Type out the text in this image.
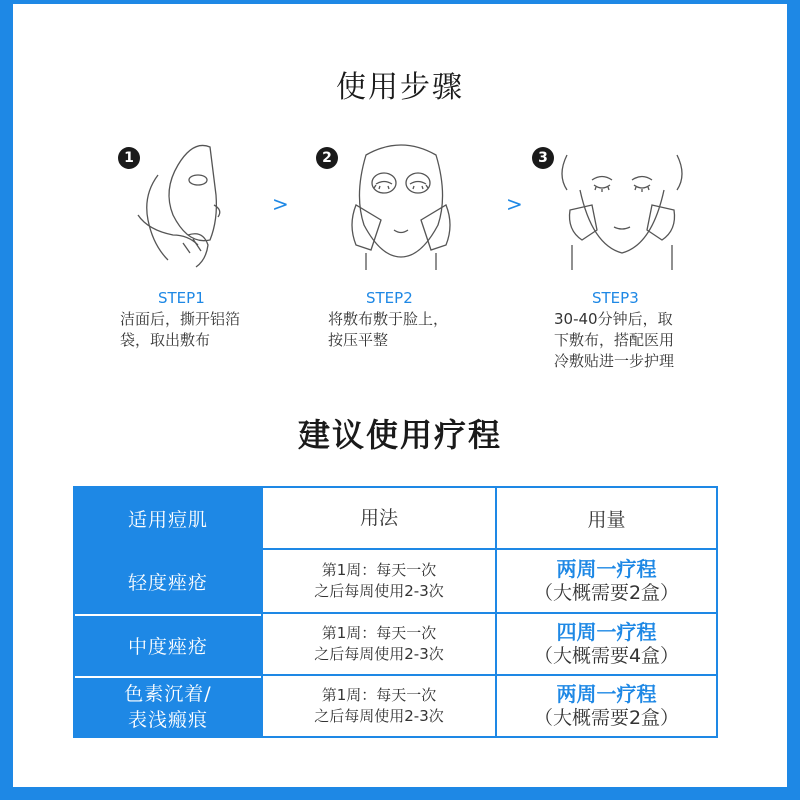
使用步骤
1
STEP1
洁面后，撕开铝箔
袋，取出敷布
>
2
STEP2
将敷布敷于脸上，
按压平整
>
3
STEP3
30-40分钟后，取
下敷布，搭配医用
冷敷贴进一步护理
建议使用疗程
适用痘肌	用法	用量
轻度痤疮
第1周：每天一次
之后每周使用2-3次
两周一疗程
（大概需要2盒）
中度痤疮
第1周：每天一次
之后每周使用2-3次
四周一疗程
（大概需要4盒）
色素沉着/
表浅瘢痕
第1周：每天一次
之后每周使用2-3次
两周一疗程
（大概需要2盒）
